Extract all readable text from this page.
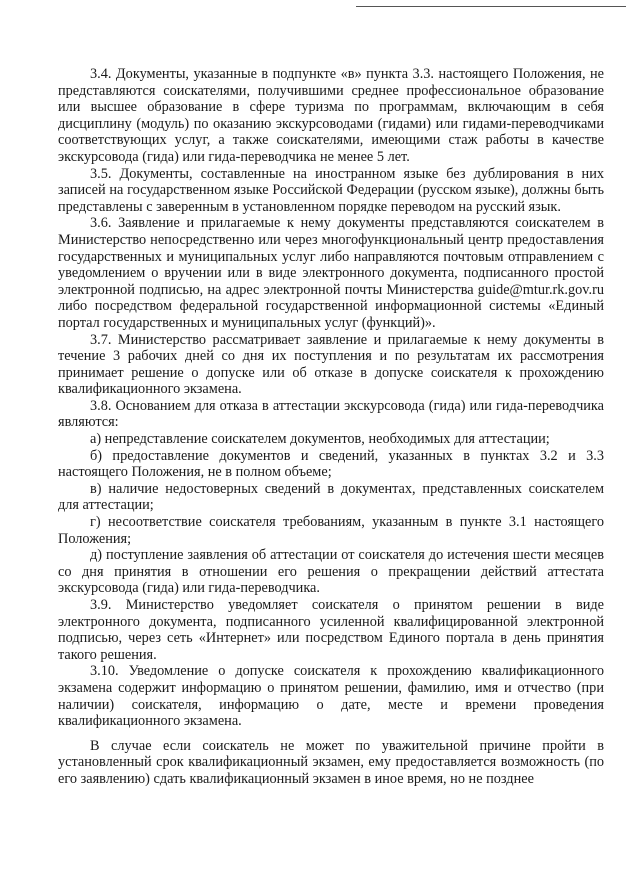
3.4. Документы, указанные в подпункте «в» пункта 3.3. настоящего Положения, не представляются соискателями, получившими среднее профессиональное образование или высшее образование в сфере туризма по программам, включающим в себя дисциплину (модуль) по оказанию экскурсоводами (гидами) или гидами-переводчиками соответствующих услуг, а также соискателями, имеющими стаж работы в качестве экскурсовода (гида) или гида-переводчика не менее 5 лет.

3.5. Документы, составленные на иностранном языке без дублирования в них записей на государственном языке Российской Федерации (русском языке), должны быть представлены с заверенным в установленном порядке переводом на русский язык.

3.6. Заявление и прилагаемые к нему документы представляются соискателем в Министерство непосредственно или через многофункциональный центр предоставления государственных и муниципальных услуг либо направляются почтовым отправлением с уведомлением о вручении или в виде электронного документа, подписанного простой электронной подписью, на адрес электронной почты Министерства guide@mtur.rk.gov.ru либо посредством федеральной государственной информационной системы «Единый портал государственных и муниципальных услуг (функций)».

3.7. Министерство рассматривает заявление и прилагаемые к нему документы в течение 3 рабочих дней со дня их поступления и по результатам их рассмотрения принимает решение о допуске или об отказе в допуске соискателя к прохождению квалификационного экзамена.

3.8. Основанием для отказа в аттестации экскурсовода (гида) или гида-переводчика являются:

а) непредставление соискателем документов, необходимых для аттестации;

б) предоставление документов и сведений, указанных в пунктах 3.2 и 3.3 настоящего Положения, не в полном объеме;

в) наличие недостоверных сведений в документах, представленных соискателем для аттестации;

г) несоответствие соискателя требованиям, указанным в пункте 3.1 настоящего Положения;

д) поступление заявления об аттестации от соискателя до истечения шести месяцев со дня принятия в отношении его решения о прекращении действий аттестата экскурсовода (гида) или гида-переводчика.

3.9. Министерство уведомляет соискателя о принятом решении в виде электронного документа, подписанного усиленной квалифицированной электронной подписью, через сеть «Интернет» или посредством Единого портала в день принятия такого решения.

3.10. Уведомление о допуске соискателя к прохождению квалификационного экзамена содержит информацию о принятом решении, фамилию, имя и отчество (при наличии) соискателя, информацию о дате, месте и времени проведения квалификационного экзамена.

В случае если соискатель не может по уважительной причине пройти в установленный срок квалификационный экзамен, ему предоставляется возможность (по его заявлению) сдать квалификационный экзамен в иное время, но не позднее
